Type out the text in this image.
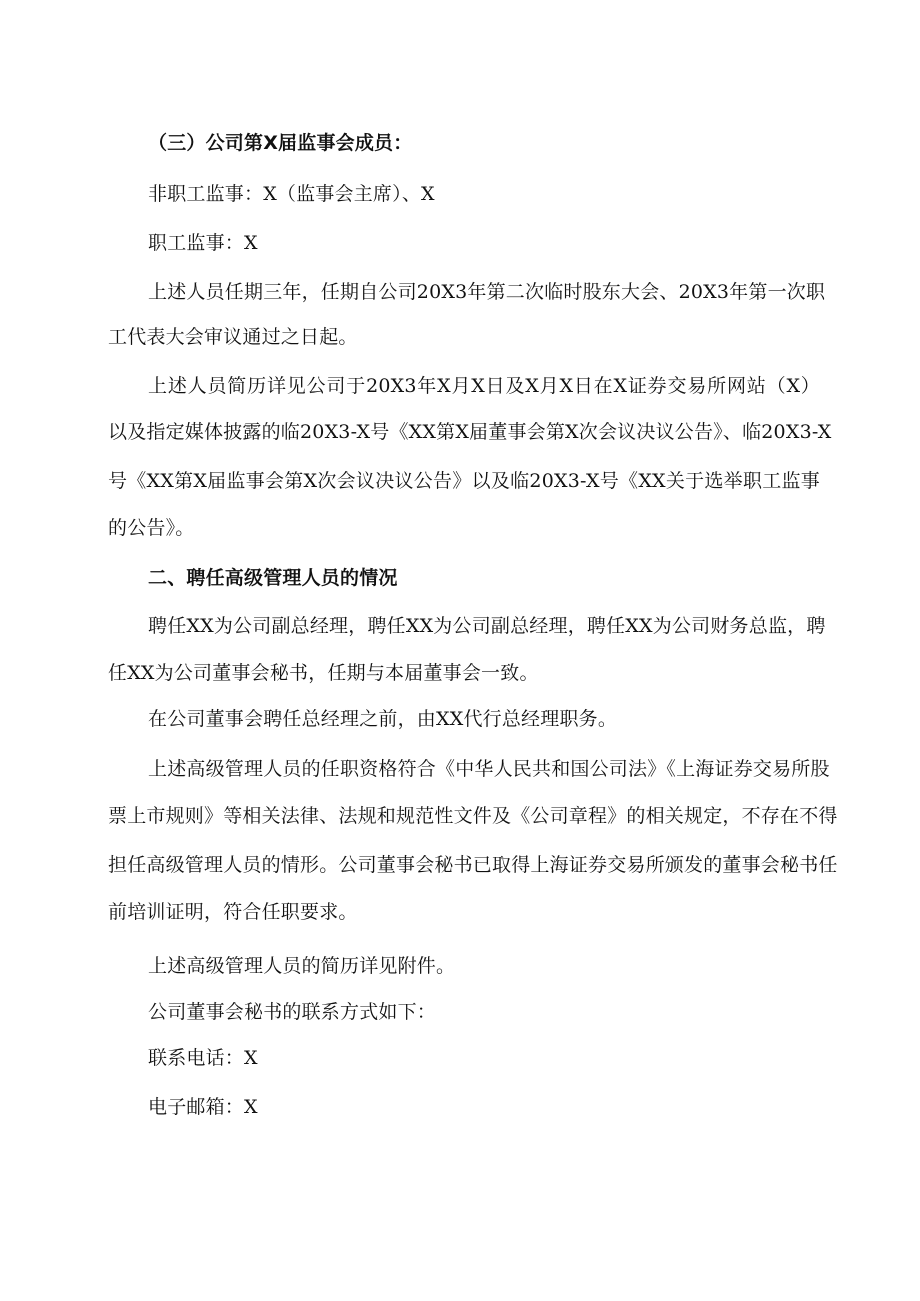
（三）公司第X届监事会成员：
非职工监事：X（监事会主席）、X
职工监事：X
上述人员任期三年，任期自公司20X3年第二次临时股东大会、20X3年第一次职
工代表大会审议通过之日起。
上述人员简历详见公司于20X3年X月X日及X月X日在X证券交易所网站（X）
以及指定媒体披露的临20X3-X号《XX第X届董事会第X次会议决议公告》、临20X3-X
号《XX第X届监事会第X次会议决议公告》以及临20X3-X号《XX关于选举职工监事
的公告》。
二、聘任高级管理人员的情况
聘任XX为公司副总经理，聘任XX为公司副总经理，聘任XX为公司财务总监，聘
任XX为公司董事会秘书，任期与本届董事会一致。
在公司董事会聘任总经理之前，由XX代行总经理职务。
上述高级管理人员的任职资格符合《中华人民共和国公司法》《上海证券交易所股
票上市规则》等相关法律、法规和规范性文件及《公司章程》的相关规定，不存在不得
担任高级管理人员的情形。公司董事会秘书已取得上海证券交易所颁发的董事会秘书任
前培训证明，符合任职要求。
上述高级管理人员的简历详见附件。
公司董事会秘书的联系方式如下：
联系电话：X
电子邮箱：X
